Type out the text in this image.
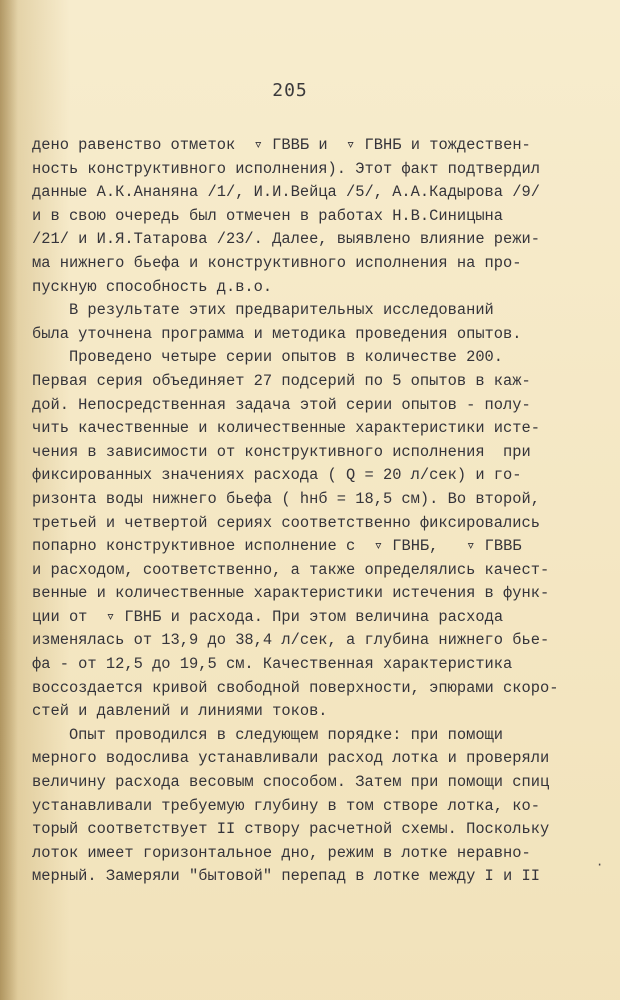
205
дено равенство отметок  ▿ ГВВБ и  ▿ ГВНБ и тождествен-
ность конструктивного исполнения). Этот факт подтвердил
данные А.К.Ананяна /1/, И.И.Вейца /5/, А.А.Кадырова /9/
и в свою очередь был отмечен в работах Н.В.Синицына
/21/ и И.Я.Татарова /23/. Далее, выявлено влияние режи-
ма нижнего бьефа и конструктивного исполнения на про-
пускную способность д.в.о.
В результате этих предварительных исследований
была уточнена программа и методика проведения опытов.
Проведено четыре серии опытов в количестве 200.
Первая серия объединяет 27 подсерий по 5 опытов в каж-
дой. Непосредственная задача этой серии опытов - полу-
чить качественные и количественные характеристики исте-
чения в зависимости от конструктивного исполнения  при
фиксированных значениях расхода ( Q = 20 л/сек) и го-
ризонта воды нижнего бьефа ( hнб = 18,5 см). Во второй,
третьей и четвертой сериях соответственно фиксировались
попарно конструктивное исполнение с  ▿ ГВНБ,   ▿ ГВВБ
и расходом, соответственно, а также определялись качест-
венные и количественные характеристики истечения в функ-
ции от  ▿ ГВНБ и расхода. При этом величина расхода
изменялась от 13,9 до 38,4 л/сек, а глубина нижнего бье-
фа - от 12,5 до 19,5 см. Качественная характеристика
воссоздается кривой свободной поверхности, эпюрами скоро-
стей и давлений и линиями токов.
Опыт проводился в следующем порядке: при помощи
мерного водослива устанавливали расход лотка и проверяли
величину расхода весовым способом. Затем при помощи спиц
устанавливали требуемую глубину в том створе лотка, ко-
торый соответствует II створу расчетной схемы. Поскольку
лоток имеет горизонтальное дно, режим в лотке неравно-
мерный. Замеряли "бытовой" перепад в лотке между I и II
·
